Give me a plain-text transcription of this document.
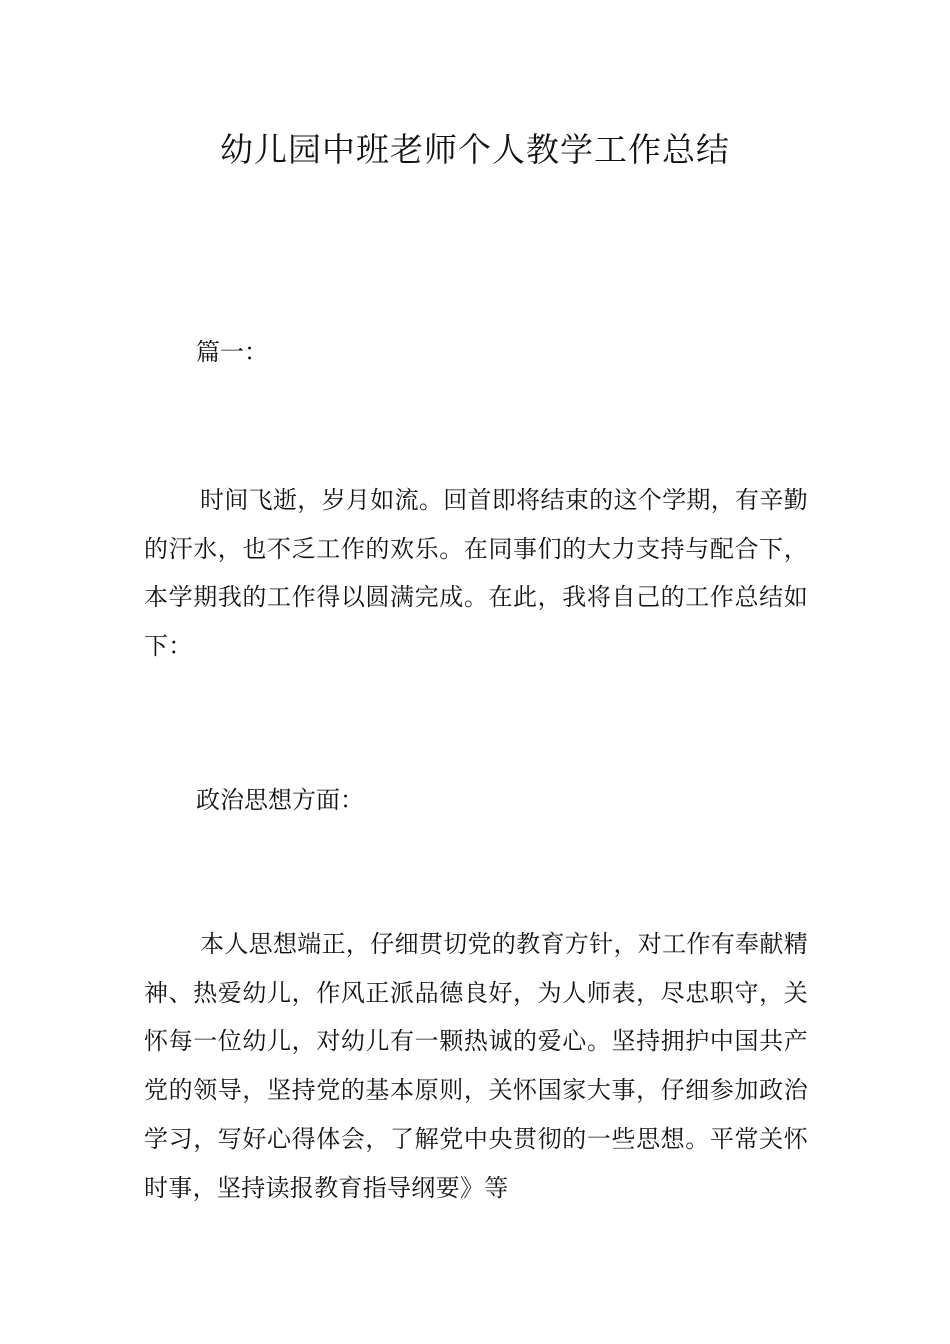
幼儿园中班老师个人教学工作总结

篇一：

时间飞逝，岁月如流。回首即将结束的这个学期，有辛勤的汗水，也不乏工作的欢乐。在同事们的大力支持与配合下，本学期我的工作得以圆满完成。在此，我将自己的工作总结如下：

政治思想方面：

本人思想端正，仔细贯切党的教育方针，对工作有奉献精神、热爱幼儿，作风正派品德良好，为人师表，尽忠职守，关怀每一位幼儿，对幼儿有一颗热诚的爱心。坚持拥护中国共产党的领导，坚持党的基本原则，关怀国家大事，仔细参加政治学习，写好心得体会，了解党中央贯彻的一些思想。平常关怀时事，坚持读报教育指导纲要》等
